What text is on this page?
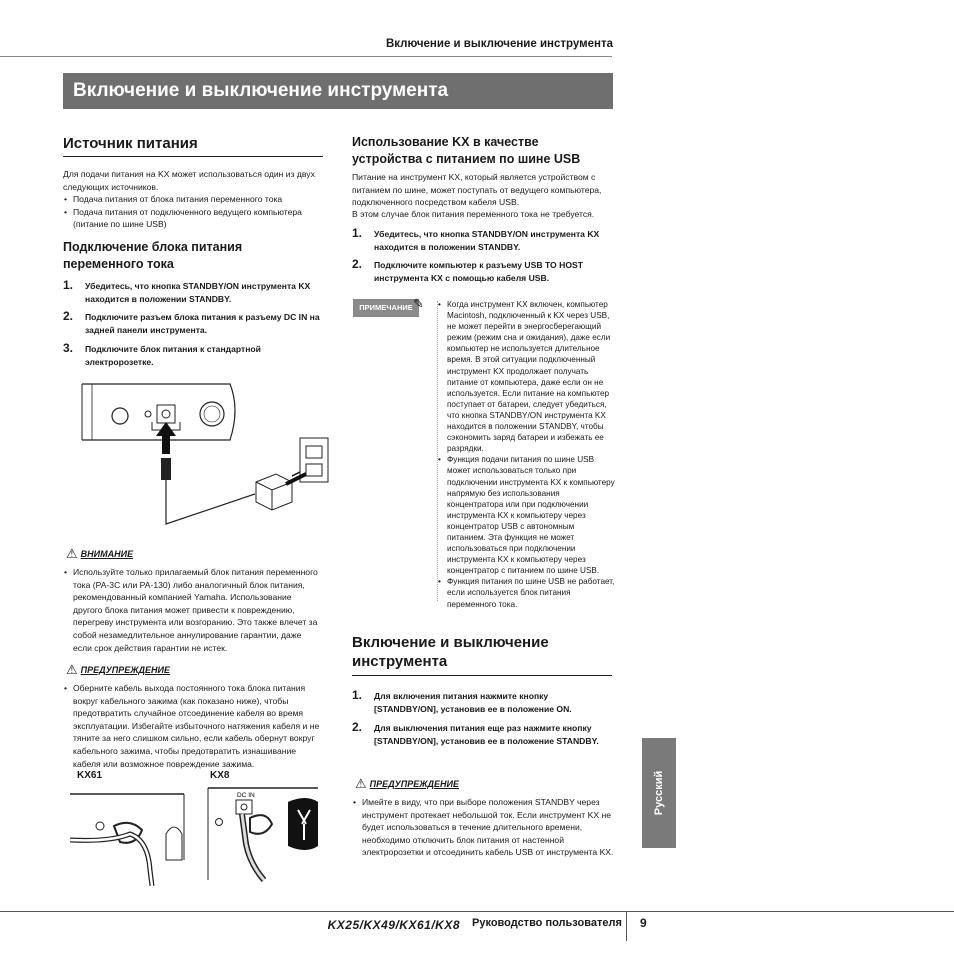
Включение и выключение инструмента
Включение и выключение инструмента
Источник питания
Для подачи питания на KX может использоваться один из двух следующих источников.
• Подача питания от блока питания переменного тока
• Подача питания от подключенного ведущего компьютера (питание по шине USB)
Подключение блока питания переменного тока
1. Убедитесь, что кнопка STANDBY/ON инструмента KX находится в положении STANDBY.
2. Подключите разъем блока питания к разъему DC IN на задней панели инструмента.
3. Подключите блок питания к стандартной электророзетке.
⚠ ВНИМАНИЕ
• Используйте только прилагаемый блок питания переменного тока (PA-3C или PA-130) либо аналогичный блок питания, рекомендованный компанией Yamaha. Использование другого блока питания может привести к повреждению, перегреву инструмента или возгоранию. Это также влечет за собой незамедлительное аннулирование гарантии, даже если срок действия гарантии не истек.
⚠ ПРЕДУПРЕЖДЕНИЕ
• Оберните кабель выхода постоянного тока блока питания вокруг кабельного зажима (как показано ниже), чтобы предотвратить случайное отсоединение кабеля во время эксплуатации. Избегайте избыточного натяжения кабеля и не тяните за него слишком сильно, если кабель обернут вокруг кабельного зажима, чтобы предотвратить изнашивание кабеля или возможное повреждение зажима.
KX61	KX8
DC IN
Использование KX в качестве устройства с питанием по шине USB
Питание на инструмент KX, который является устройством с питанием по шине, может поступать от ведущего компьютера, подключенного посредством кабеля USB.
В этом случае блок питания переменного тока не требуется.
1. Убедитесь, что кнопка STANDBY/ON инструмента KX находится в положении STANDBY.
2. Подключите компьютер к разъему USB TO HOST инструмента KX с помощью кабеля USB.
ПРИМЕЧАНИЕ ✎
•	Когда инструмент KX включен, компьютер Macintosh, подключенный к KX через USB, не может перейти в энергосберегающий режим (режим сна и ожидания), даже если компьютер не используется длительное время. В этой ситуации подключенный инструмент KX продолжает получать питание от компьютера, даже если он не используется. Если питание на компьютер поступает от батареи, следует убедиться, что кнопка STANDBY/ON инструмента KX находится в положении STANDBY, чтобы сэкономить заряд батареи и избежать ее разрядки.
• Функция подачи питания по шине USB может использоваться только при подключении инструмента KX к компьютеру напрямую без использования концентратора или при подключении инструмента KX к компьютеру через концентратор USB с автономным питанием. Эта функция не может использоваться при подключении инструмента KX к компьютеру через концентратор с питанием по шине USB.
• Функция питания по шине USB не работает, если используется блок питания переменного тока.
Включение и выключение инструмента
1. Для включения питания нажмите кнопку [STANDBY/ON], установив ее в положение ON.
2. Для выключения питания еще раз нажмите кнопку [STANDBY/ON], установив ее в положение STANDBY.
⚠ ПРЕДУПРЕЖДЕНИЕ
• Имейте в виду, что при выборе положения STANDBY через инструмент протекает небольшой ток. Если инструмент KX не будет использоваться в течение длительного времени, необходимо отключить блок питания от настенной электророзетки и отсоединить кабель USB от инструмента KX.
Русский
KX25/KX49/KX61/KX8 Руководство пользователя 9
